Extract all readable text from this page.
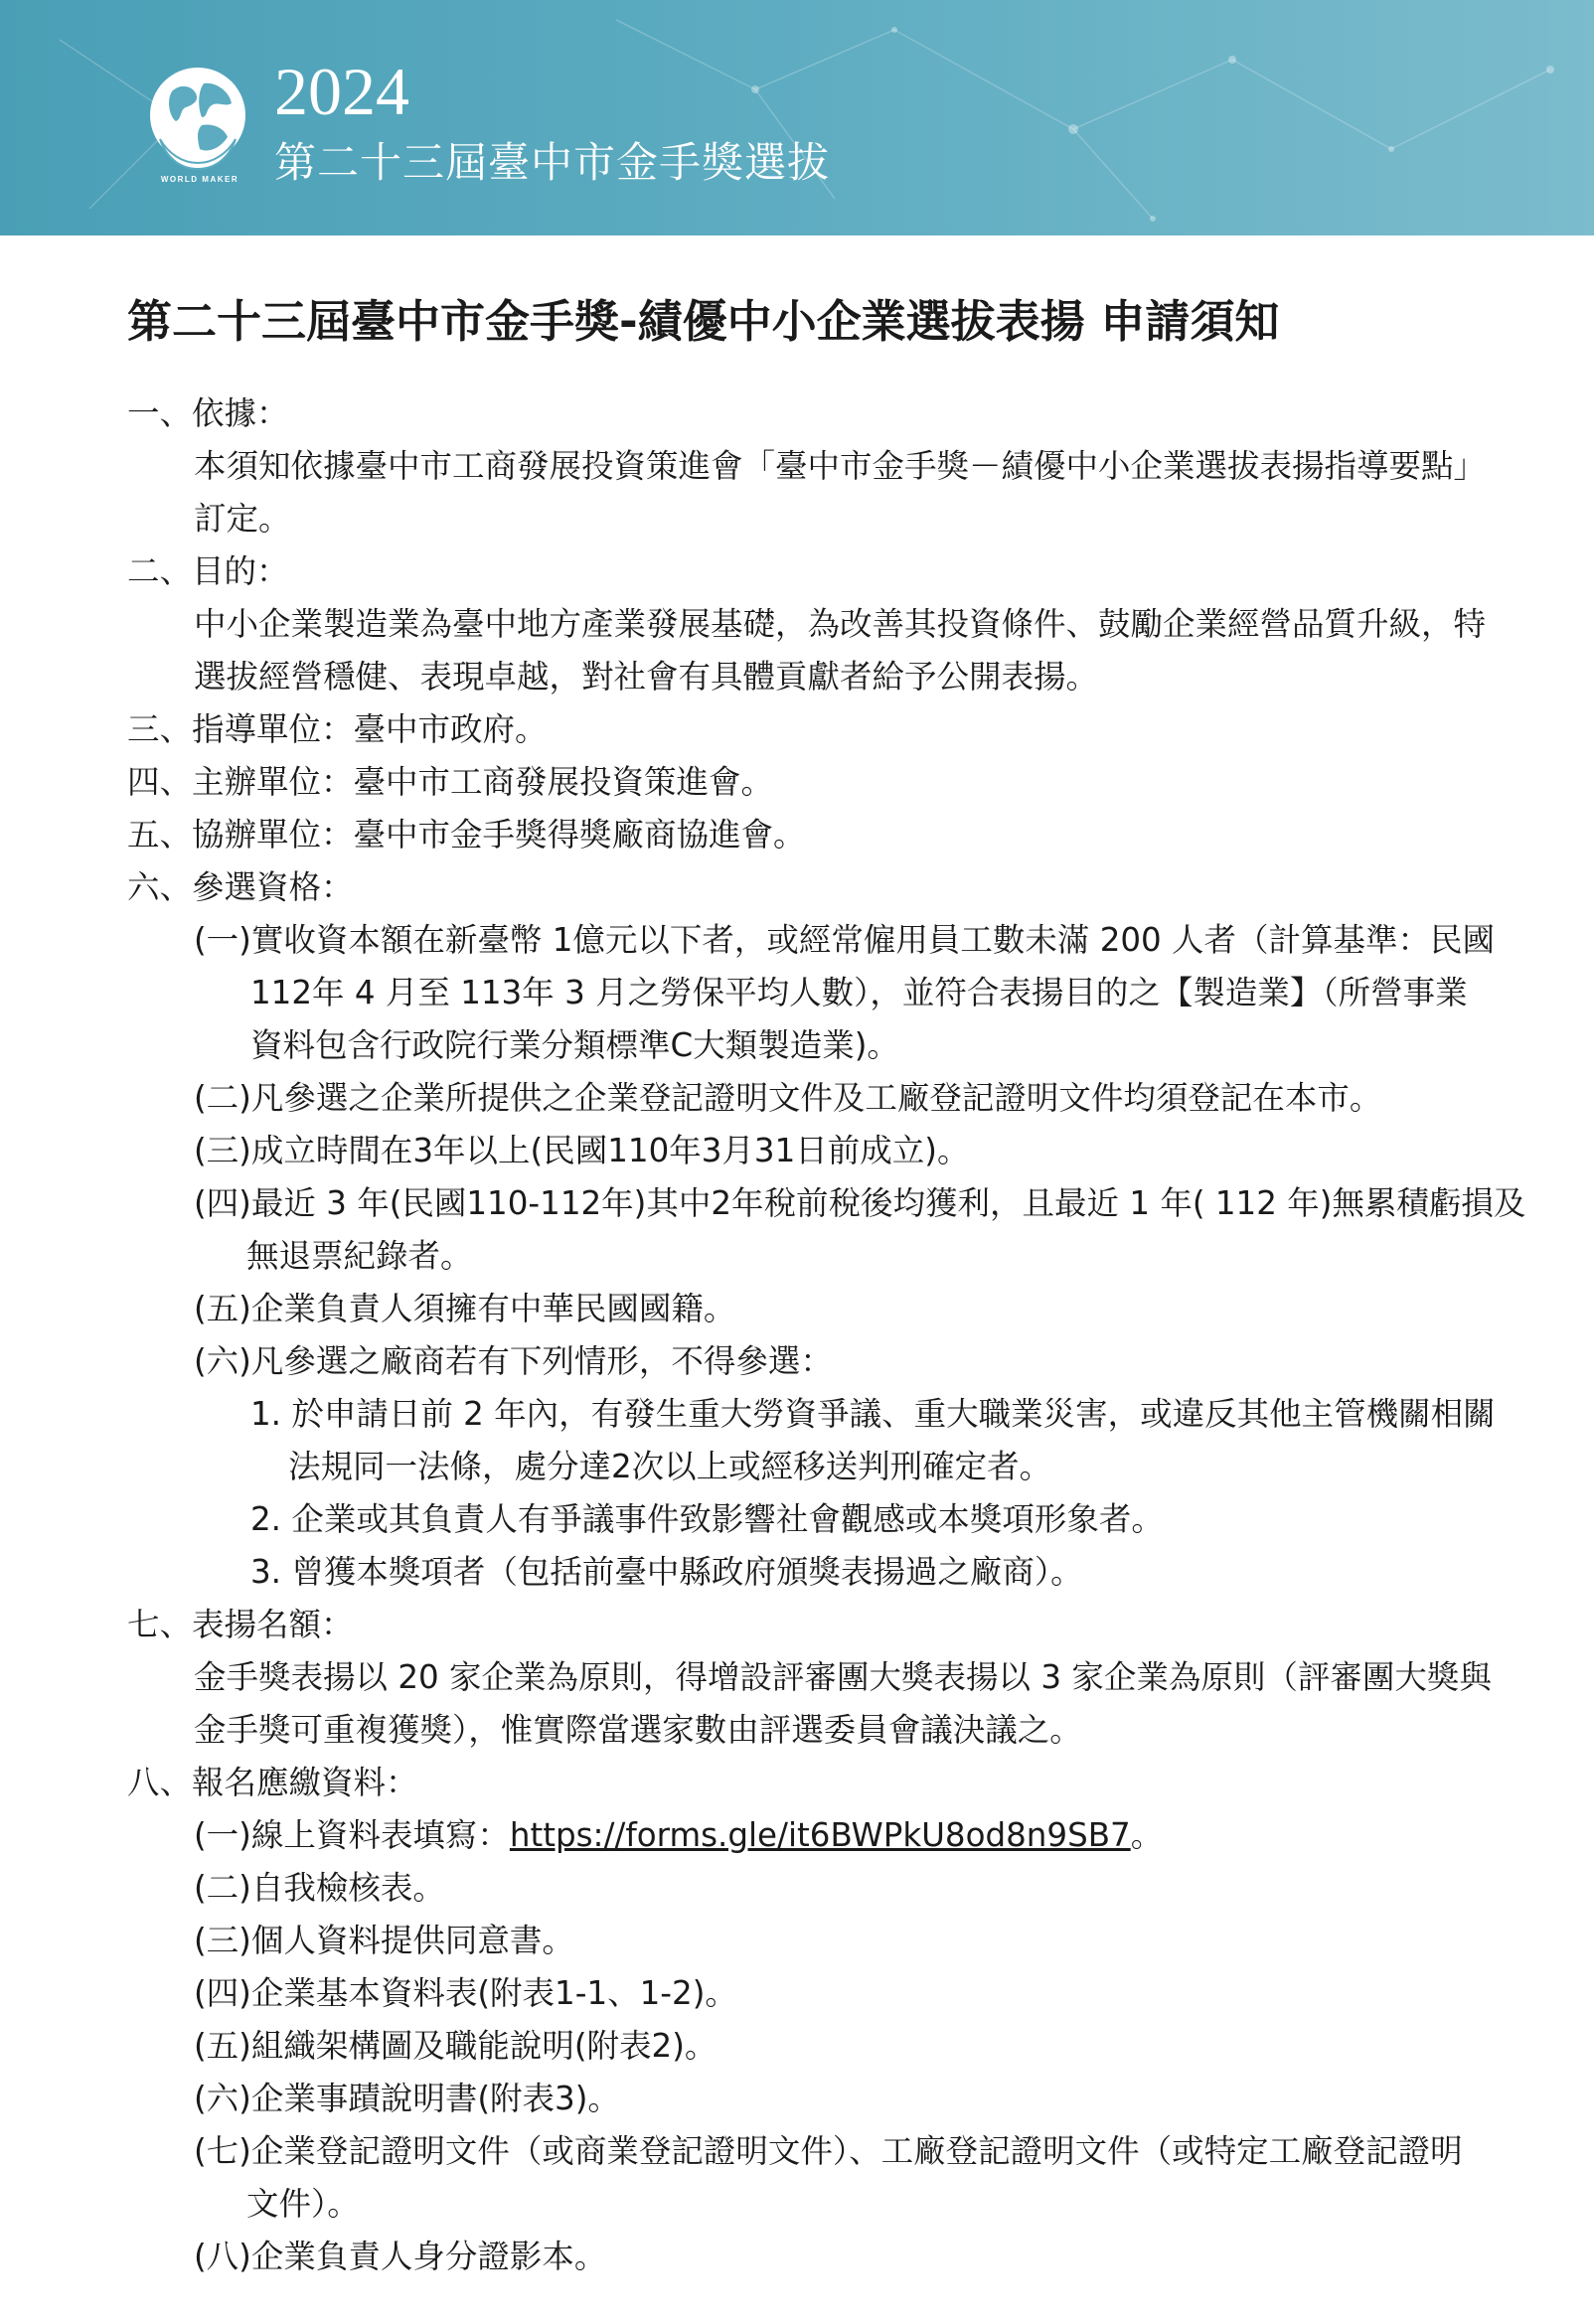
WORLD MAKER
2024
第二十三屆臺中市金手獎選拔
第二十三屆臺中市金手獎-績優中小企業選拔表揚 申請須知
一、依據：
本須知依據臺中市工商發展投資策進會「臺中市金手獎－績優中小企業選拔表揚指導要點」
訂定。
二、目的：
中小企業製造業為臺中地方產業發展基礎，為改善其投資條件、鼓勵企業經營品質升級，特
選拔經營穩健、表現卓越，對社會有具體貢獻者給予公開表揚。
三、指導單位：臺中市政府。
四、主辦單位：臺中市工商發展投資策進會。
五、協辦單位：臺中市金手獎得獎廠商協進會。
六、參選資格：
(一)實收資本額在新臺幣 1億元以下者，或經常僱用員工數未滿 200 人者（計算基準：民國
112年 4 月至 113年 3 月之勞保平均人數），並符合表揚目的之【製造業】（所營事業
資料包含行政院行業分類標準C大類製造業)。
(二)凡參選之企業所提供之企業登記證明文件及工廠登記證明文件均須登記在本市。
(三)成立時間在3年以上(民國110年3月31日前成立)。
(四)最近 3 年(民國110-112年)其中2年稅前稅後均獲利，且最近 1 年( 112 年)無累積虧損及
無退票紀錄者。
(五)企業負責人須擁有中華民國國籍。
(六)凡參選之廠商若有下列情形，不得參選：
1. 於申請日前 2 年內，有發生重大勞資爭議、重大職業災害，或違反其他主管機關相關
法規同一法條，處分達2次以上或經移送判刑確定者。
2. 企業或其負責人有爭議事件致影響社會觀感或本獎項形象者。
3. 曾獲本獎項者（包括前臺中縣政府頒獎表揚過之廠商）。
七、表揚名額：
金手獎表揚以 20 家企業為原則，得增設評審團大獎表揚以 3 家企業為原則（評審團大獎與
金手獎可重複獲獎），惟實際當選家數由評選委員會議決議之。
八、報名應繳資料：
(一)線上資料表填寫：https://forms.gle/it6BWPkU8od8n9SB7。
(二)自我檢核表。
(三)個人資料提供同意書。
(四)企業基本資料表(附表1-1、1-2)。
(五)組織架構圖及職能說明(附表2)。
(六)企業事蹟說明書(附表3)。
(七)企業登記證明文件（或商業登記證明文件）、工廠登記證明文件（或特定工廠登記證明
文件）。
(八)企業負責人身分證影本。
